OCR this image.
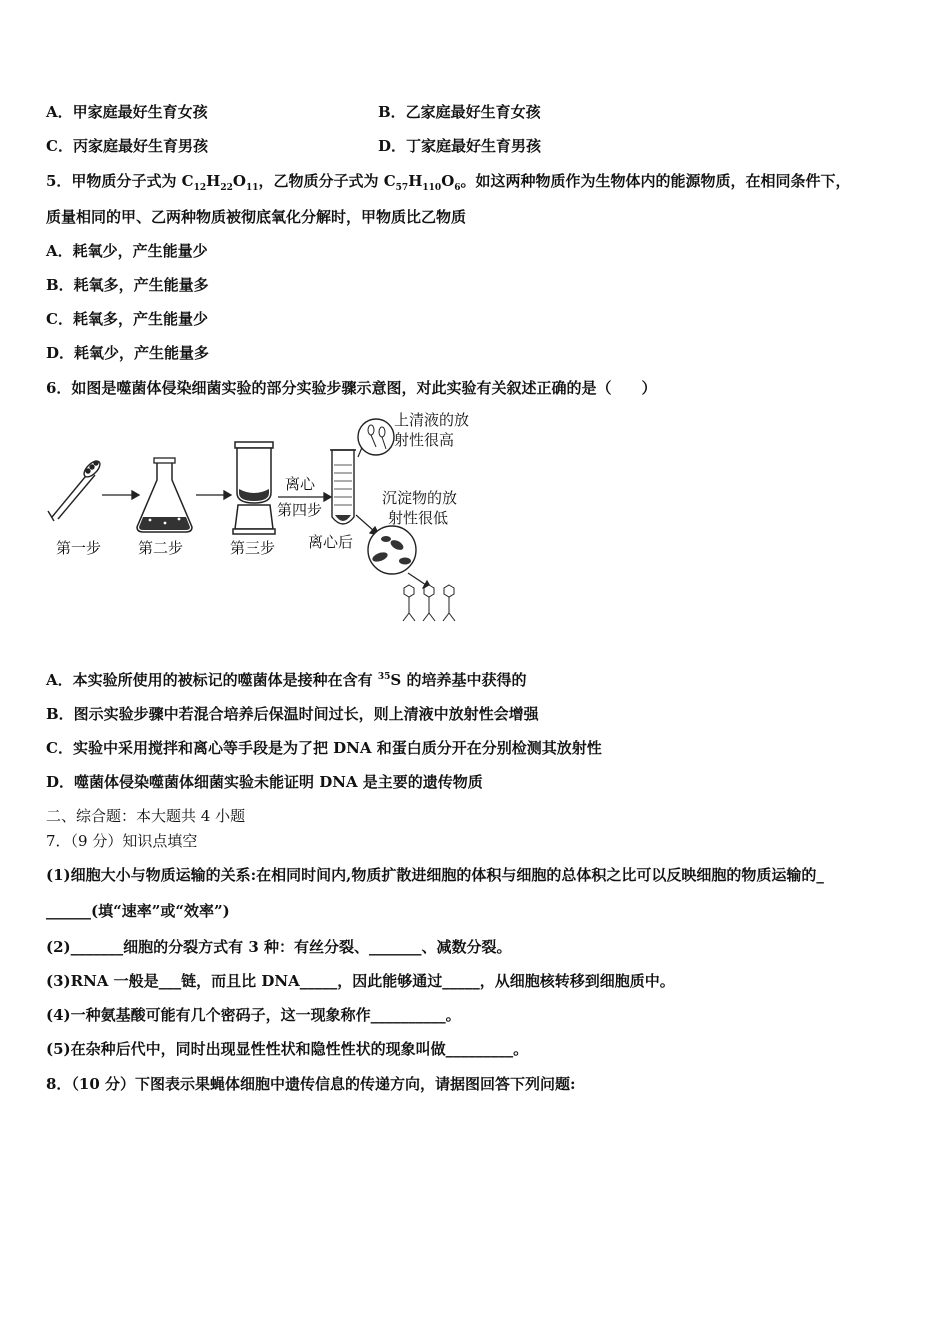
A．甲家庭最好生育女孩	B．乙家庭最好生育女孩
C．丙家庭最好生育男孩	D．丁家庭最好生育男孩
5．甲物质分子式为 $C_{12}H_{22}O_{11}$，乙物质分子式为 $C_{57}H_{110}O_6$。如这两种物质作为生物体内的能源物质，在相同条件下，
质量相同的甲、乙两种物质被彻底氧化分解时，甲物质比乙物质
A．耗氧少，产生能量少
B．耗氧多，产生能量多
C．耗氧多，产生能量少
D．耗氧少，产生能量多
6．如图是噬菌体侵染细菌实验的部分实验步骤示意图，对此实验有关叙述正确的是（　　）
离心
第四步
离心后
上清液的放
射性很高
沉淀物的放
射性很低
第一步 第二步	第三步
A．本实验所使用的被标记的噬菌体是接种在含有 $^{35}$S 的培养基中获得的
B．图示实验步骤中若混合培养后保温时间过长，则上清液中放射性会增强
C．实验中采用搅拌和离心等手段是为了把 DNA 和蛋白质分开在分别检测其放射性
D．噬菌体侵染噬菌体细菌实验未能证明 DNA 是主要的遗传物质
二、综合题：本大题共 4 小题
7．（9 分）知识点填空
(1)细胞大小与物质运输的关系:在相同时间内,物质扩散进细胞的体积与细胞的总体积之比可以反映细胞的物质运输的_
______(填“速率”或“效率”)
(2)_______细胞的分裂方式有 3 种：有丝分裂、_______、减数分裂。
(3)RNA 一般是___链，而且比 DNA_____，因此能够通过_____，从细胞核转移到细胞质中。
(4)一种氨基酸可能有几个密码子，这一现象称作__________。
(5)在杂种后代中，同时出现显性性状和隐性性状的现象叫做_________。
8．（10 分）下图表示果蝇体细胞中遗传信息的传递方向，请据图回答下列问题:
